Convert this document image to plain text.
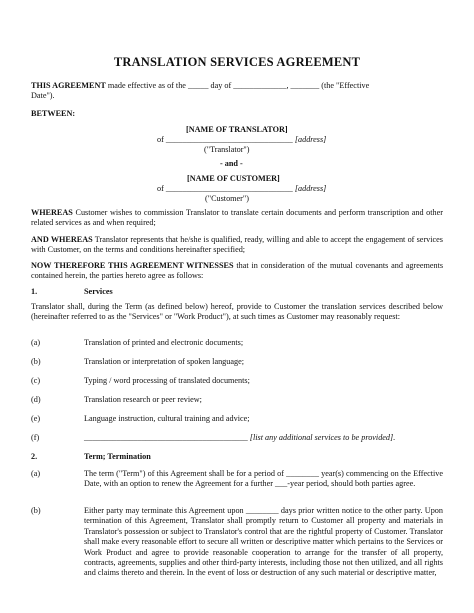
TRANSLATION SERVICES AGREEMENT
THIS AGREEMENT made effective as of the _____ day of _____________, _______ (the "Effective
Date").
BETWEEN:
[NAME OF TRANSLATOR]
of _______________________________ [address]
("Translator")
- and -
[NAME OF CUSTOMER]
of _______________________________ [address]
("Customer")
WHEREAS Customer wishes to commission Translator to translate certain documents and perform transcription and other related services as and when required;
AND WHEREAS Translator represents that he/she is qualified, ready, willing and able to accept the engagement of services with Customer, on the terms and conditions hereinafter specified;
NOW THEREFORE THIS AGREEMENT WITNESSES that in consideration of the mutual covenants and agreements contained herein, the parties hereto agree as follows:
1.	Services
Translator shall, during the Term (as defined below) hereof, provide to Customer the translation services described below (hereinafter referred to as the "Services" or "Work Product"), at such times as Customer may reasonably request:
(a)	Translation of printed and electronic documents;
(b)	Translation or interpretation of spoken language;
(c)	Typing / word processing of translated documents;
(d)	Translation research or peer review;
(e)	Language instruction, cultural training and advice;
(f)	________________________________________ [list any additional services to be provided].
2.	Term; Termination
(a)	The term ("Term") of this Agreement shall be for a period of ________ year(s) commencing on the Effective Date, with an option to renew the Agreement for a further ___-year period, should both parties agree.
(b)	Either party may terminate this Agreement upon ________ days prior written notice to the other party. Upon termination of this Agreement, Translator shall promptly return to Customer all property and materials in Translator's possession or subject to Translator's control that are the rightful property of Customer. Translator shall make every reasonable effort to secure all written or descriptive matter which pertains to the Services or Work Product and agree to provide reasonable cooperation to arrange for the transfer of all property, contracts, agreements, supplies and other third-party interests, including those not then utilized, and all rights and claims thereto and therein. In the event of loss or destruction of any such material or descriptive matter,
